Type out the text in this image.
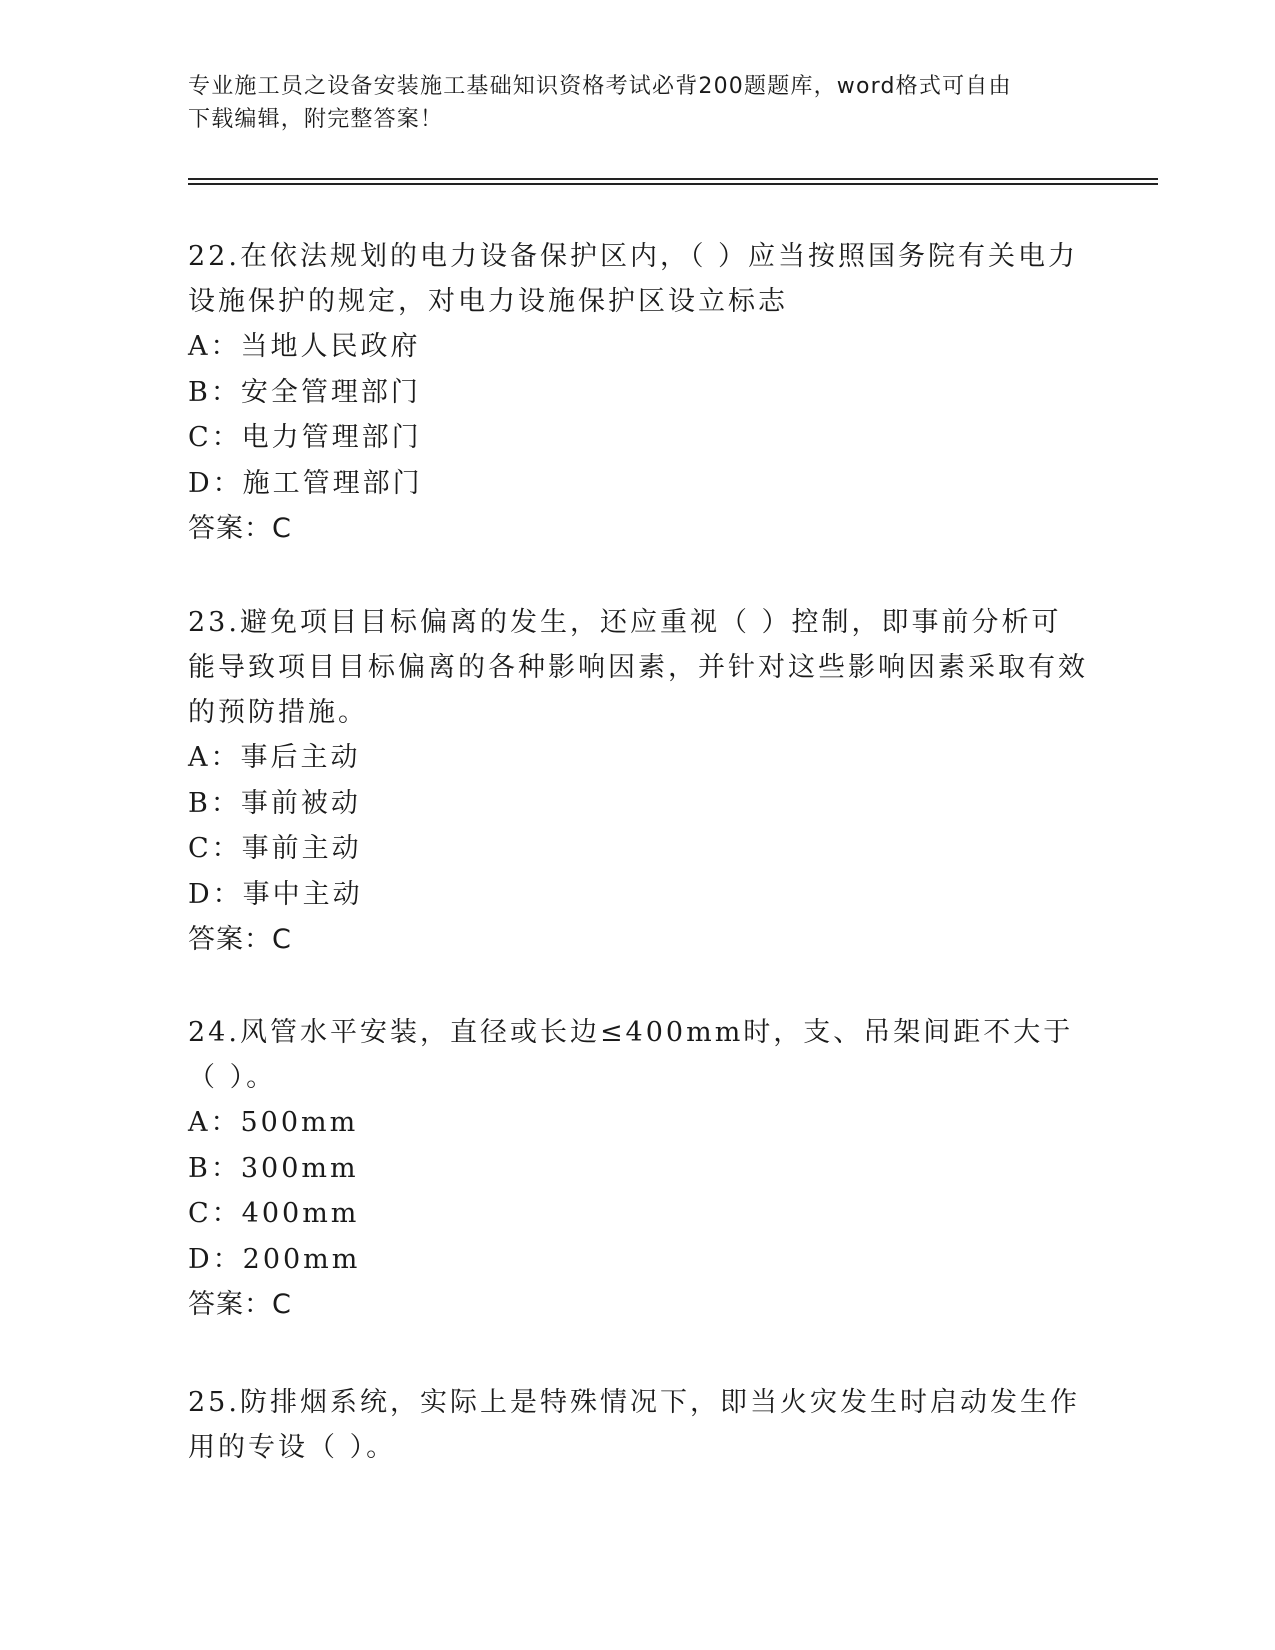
专业施工员之设备安装施工基础知识资格考试必背200题题库，word格式可自由
下载编辑，附完整答案！
22.在依法规划的电力设备保护区内，（ ）应当按照国务院有关电力设施保护的规定，对电力设施保护区设立标志
A：当地人民政府
B：安全管理部门
C：电力管理部门
D：施工管理部门
答案：C
23.避免项目目标偏离的发生，还应重视（ ）控制，即事前分析可能导致项目目标偏离的各种影响因素，并针对这些影响因素采取有效的预防措施。
A：事后主动
B：事前被动
C：事前主动
D：事中主动
答案：C
24.风管水平安装，直径或长边≤400mm时，支、吊架间距不大于（ ）。
A：500mm
B：300mm
C：400mm
D：200mm
答案：C
25.防排烟系统，实际上是特殊情况下，即当火灾发生时启动发生作用的专设（ ）。
